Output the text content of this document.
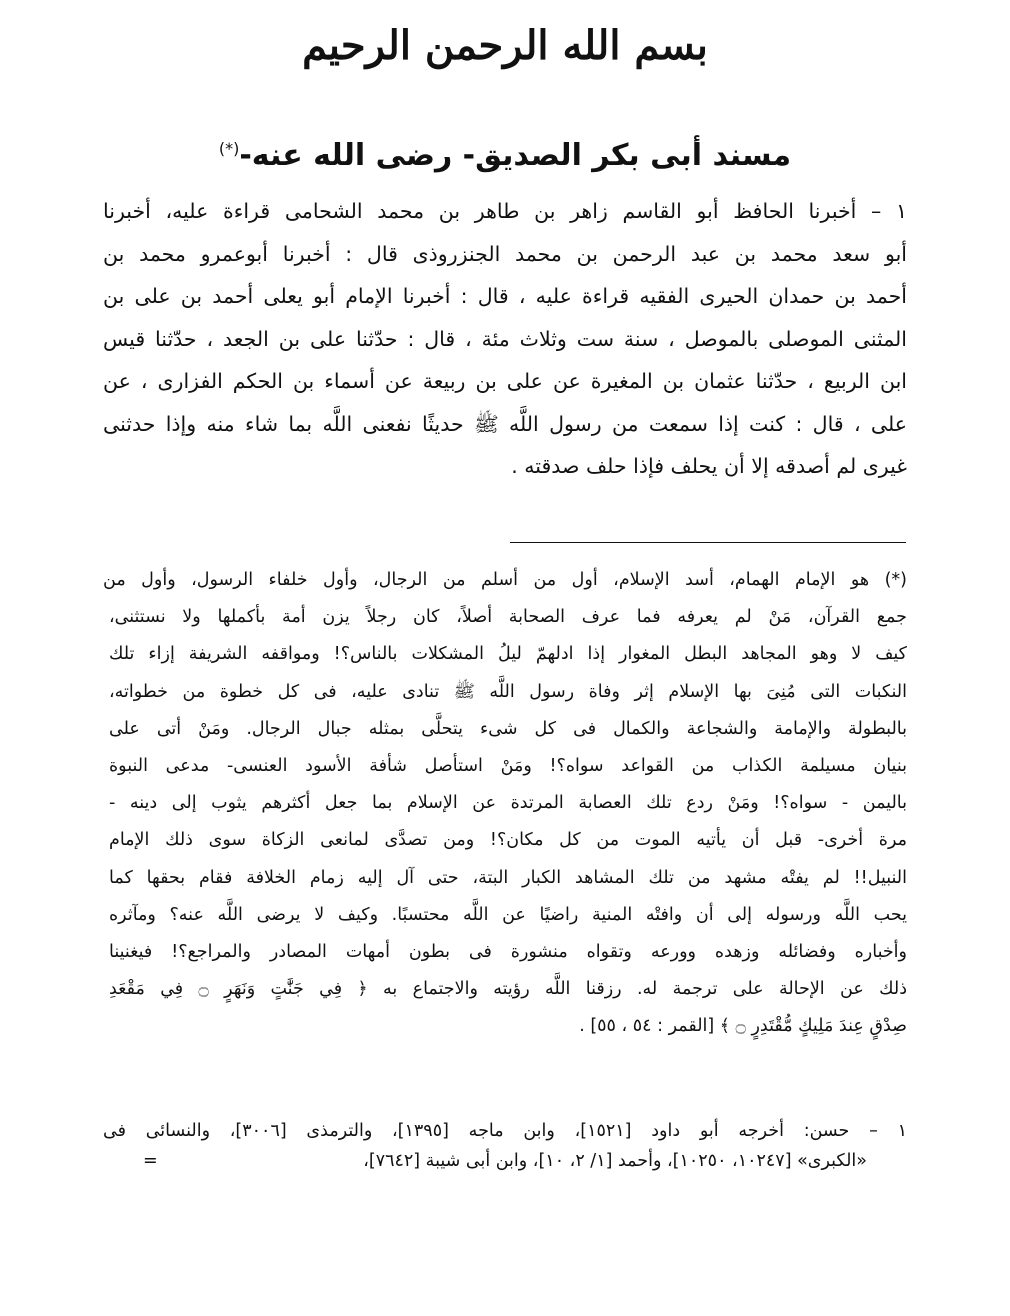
بسم الله الرحمن الرحيم
مسند أبى بكر الصديق- رضى الله عنه-(*)
١ – أخبرنا الحافظ أبو القاسم زاهر بن طاهر بن محمد الشحامى قراءة عليه، أخبرنا
أبو سعد محمد بن عبد الرحمن بن محمد الجنزروذى قال : أخبرنا أبوعمرو محمد بن
أحمد بن حمدان الحيرى الفقيه قراءة عليه ، قال : أخبرنا الإمام أبو يعلى أحمد بن على بن
المثنى الموصلى بالموصل ، سنة ست وثلاث مئة ، قال : حدّثنا على بن الجعد ، حدّثنا قيس
ابن الربيع ، حدّثنا عثمان بن المغيرة عن على بن ربيعة عن أسماء بن الحكم الفزارى ، عن
على ، قال : كنت إذا سمعت من رسول اللَّه ﷺ حديثًا نفعنى اللَّه بما شاء منه وإذا حدثنى
غيرى لم أصدقه إلا أن يحلف فإذا حلف صدقته .
(*) هو الإمام الهمام، أسد الإسلام، أول من أسلم من الرجال، وأول خلفاء الرسول، وأول من
جمع القرآن، مَنْ لم يعرفه فما عرف الصحابة أصلاً، كان رجلاً يزن أمة بأكملها ولا نستثنى،
كيف لا وهو المجاهد البطل المغوار إذا ادلهمّ ليلُ المشكلات بالناس؟! ومواقفه الشريفة إزاء تلك
النكبات التى مُنِىَ بها الإسلام إثر وفاة رسول اللَّه ﷺ تنادى عليه، فى كل خطوة من خطواته،
بالبطولة والإمامة والشجاعة والكمال فى كل شىء يتحلَّى بمثله جبال الرجال. ومَنْ أتى على
بنيان مسيلمة الكذاب من القواعد سواه؟! ومَنْ استأصل شأفة الأسود العنسى- مدعى النبوة
باليمن - سواه؟! ومَنْ ردع تلك العصابة المرتدة عن الإسلام بما جعل أكثرهم يثوب إلى دينه -
مرة أخرى- قبل أن يأتيه الموت من كل مكان؟! ومن تصدَّى لمانعى الزكاة سوى ذلك الإمام
النبيل!! لم يفتْه مشهد من تلك المشاهد الكبار البتة، حتى آل إليه زمام الخلافة فقام بحقها كما
يحب اللَّه ورسوله إلى أن وافتْه المنية راضيًا عن اللَّه محتسبًا. وكيف لا يرضى اللَّه عنه؟ ومآثره
وأخباره وفضائله وزهده وورعه وتقواه منشورة فى بطون أمهات المصادر والمراجع؟! فيغنينا
ذلك عن الإحالة على ترجمة له. رزقنا اللَّه رؤيته والاجتماع به ﴿ فِي جَنَّٰتٍ وَنَهَرٍ ۝ فِي مَقْعَدِ
صِدْقٍ عِندَ مَلِيكٍ مُّقْتَدِرٍ ۝ ﴾ [القمر : ٥٤ ، ٥٥] .
١ – حسن: أخرجه أبو داود [١٥٢١]، وابن ماجه [١٣٩٥]، والترمذى [٣٠٠٦]، والنسائى فى
«الكبرى» [١٠٢٤٧، ١٠٢٥٠]، وأحمد [١/ ٢، ١٠]، وابن أبى شيبة [٧٦٤٢]،
=
